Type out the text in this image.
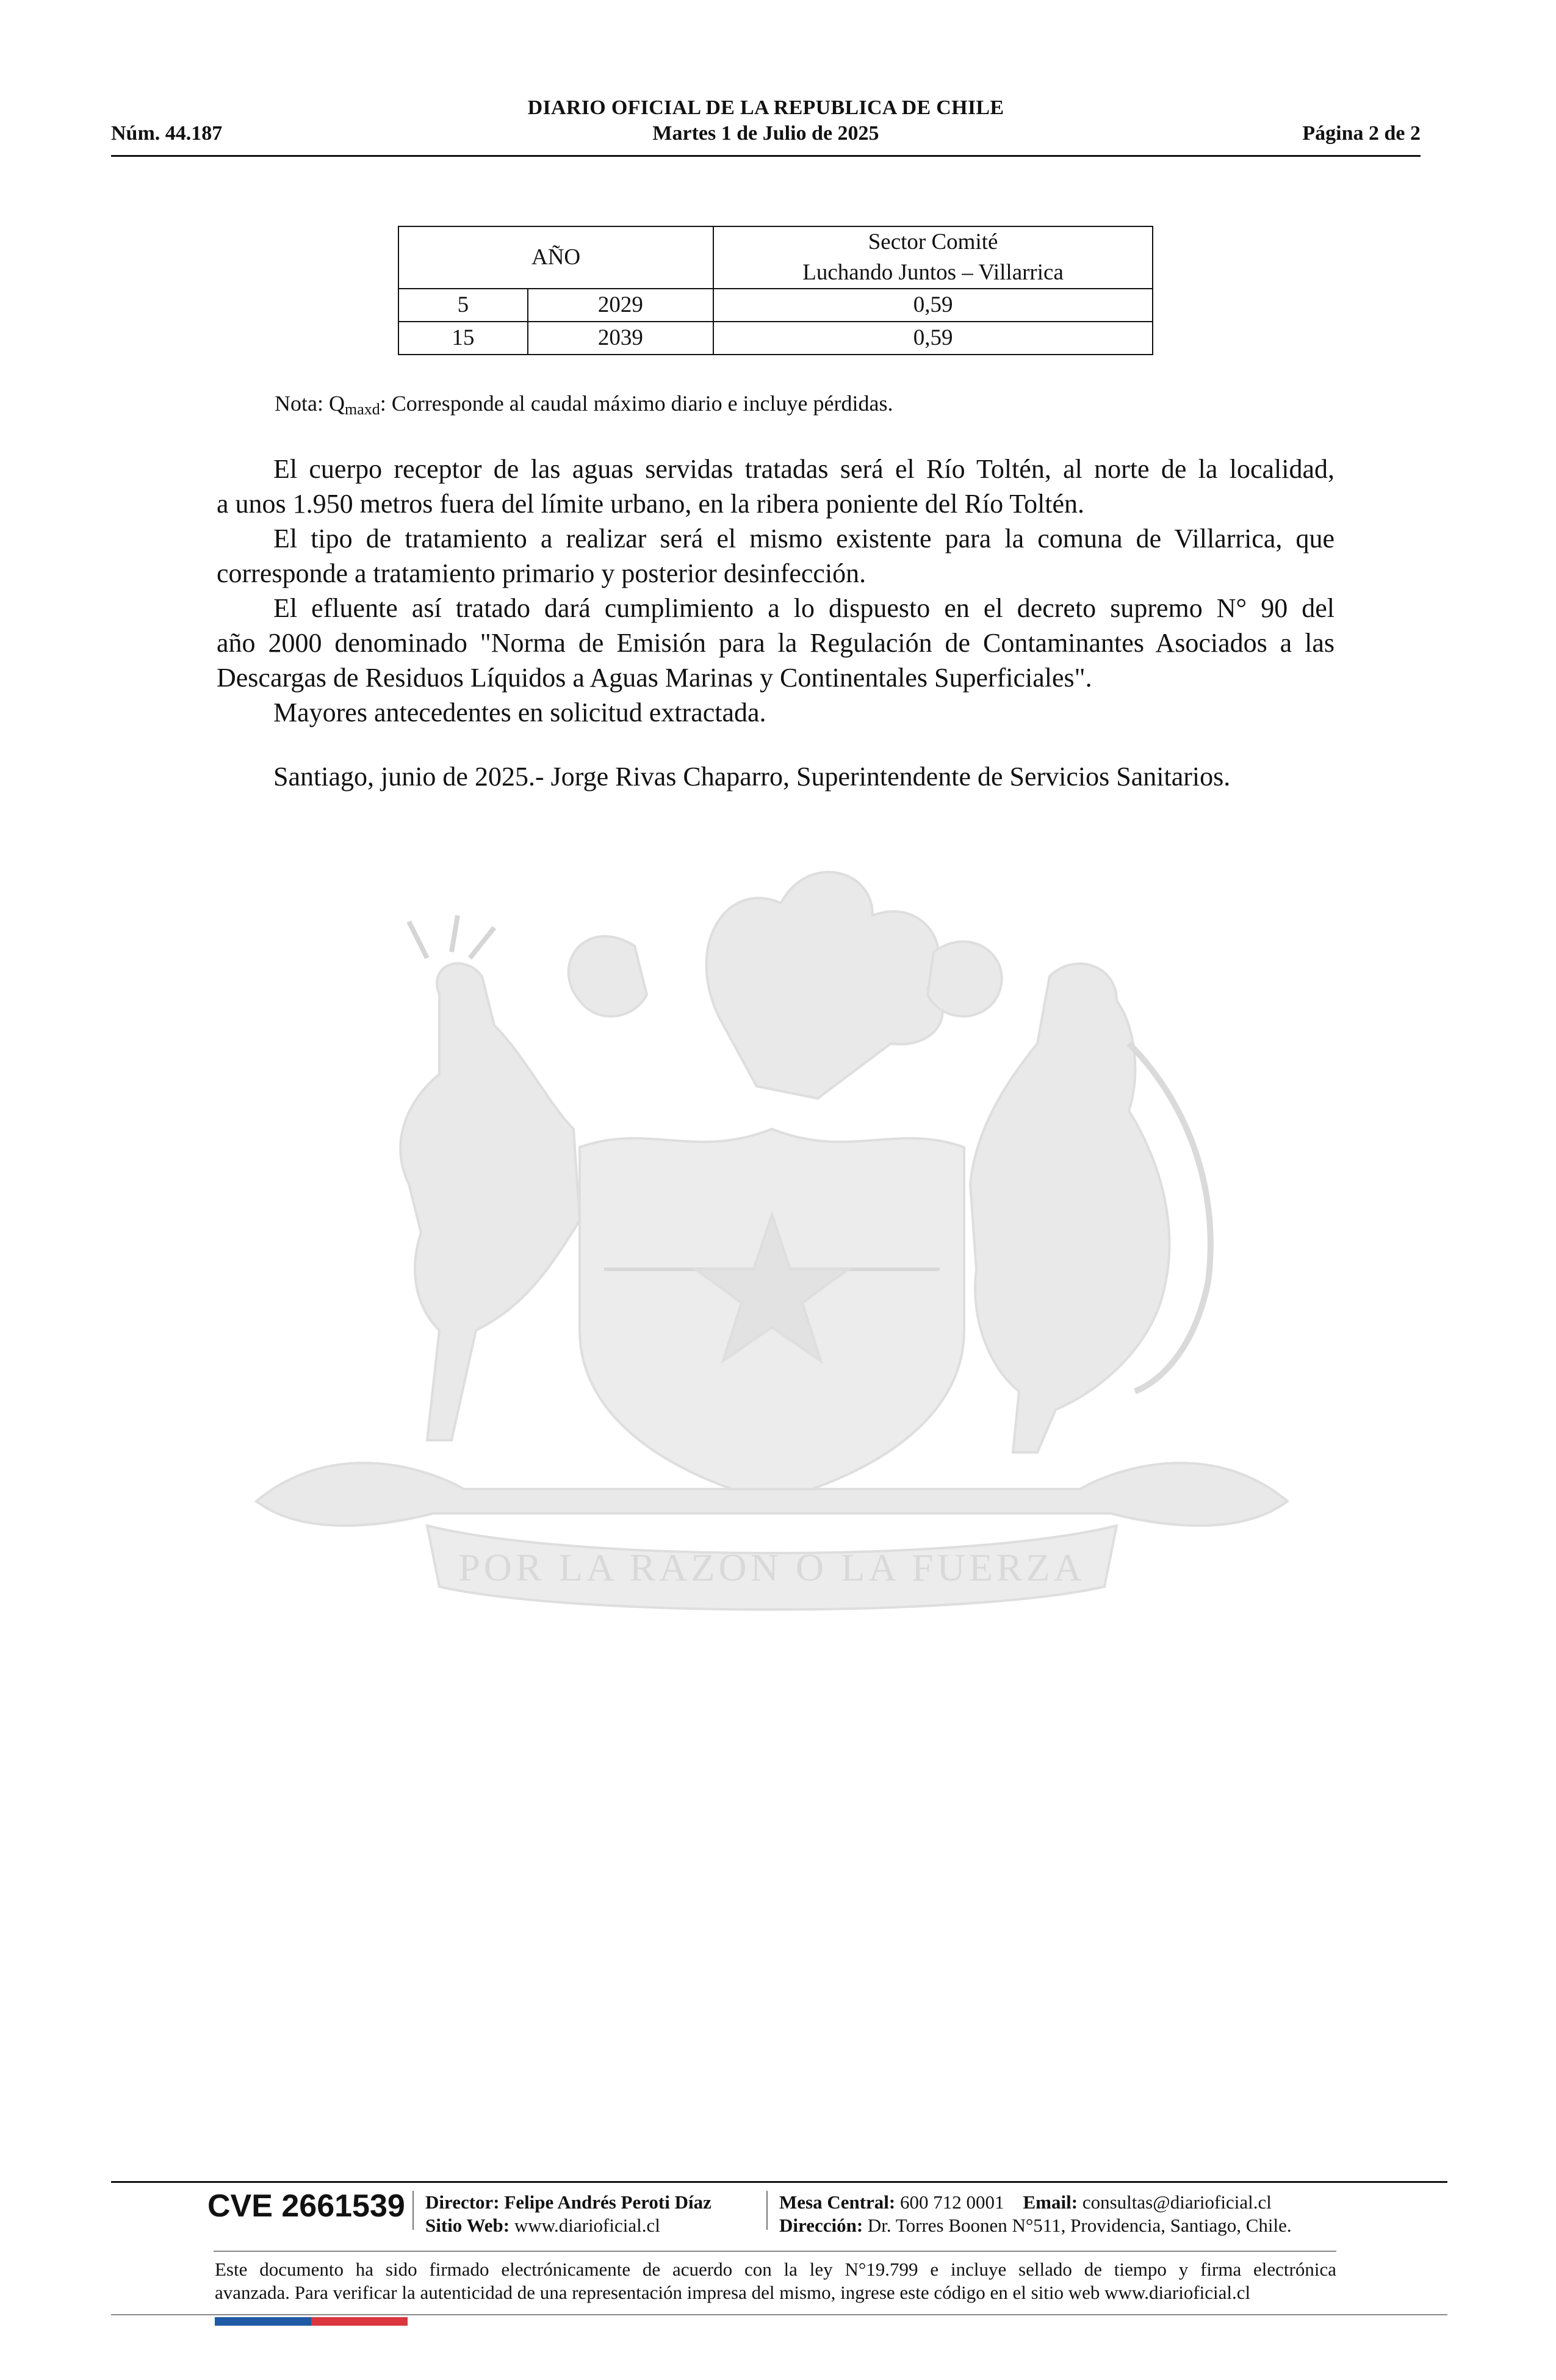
DIARIO OFICIAL DE LA REPUBLICA DE CHILE
Núm. 44.187	Martes 1 de Julio de 2025	Página 2 de 2
AÑO		Sector Comité
Luchando Juntos – Villarrica

5	2029	0,59
15	2039	0,59
Nota: $Q_{maxd}$: Corresponde al caudal máximo diario e incluye pérdidas.
POR LA RAZON O LA FUERZA
El cuerpo receptor de las aguas servidas tratadas será el Río Toltén, al norte de la localidad,
a unos 1.950 metros fuera del límite urbano, en la ribera poniente del Río Toltén.
El tipo de tratamiento a realizar será el mismo existente para la comuna de Villarrica, que
corresponde a tratamiento primario y posterior desinfección.
El efluente así tratado dará cumplimiento a lo dispuesto en el decreto supremo N° 90 del
año 2000 denominado "Norma de Emisión para la Regulación de Contaminantes Asociados a las
Descargas de Residuos Líquidos a Aguas Marinas y Continentales Superficiales".
Mayores antecedentes en solicitud extractada.
Santiago, junio de 2025.- Jorge Rivas Chaparro, Superintendente de Servicios Sanitarios.
CVE 2661539 Director: Felipe Andrés Peroti Díaz
Sitio Web: www.diarioficial.cl
Mesa Central: 600 712 0001 Email: consultas@diarioficial.cl
Dirección: Dr. Torres Boonen N°511, Providencia, Santiago, Chile.
Este documento ha sido firmado electrónicamente de acuerdo con la ley N°19.799 e incluye sellado de tiempo y firma electrónica
avanzada. Para verificar la autenticidad de una representación impresa del mismo, ingrese este código en el sitio web www.diarioficial.cl
